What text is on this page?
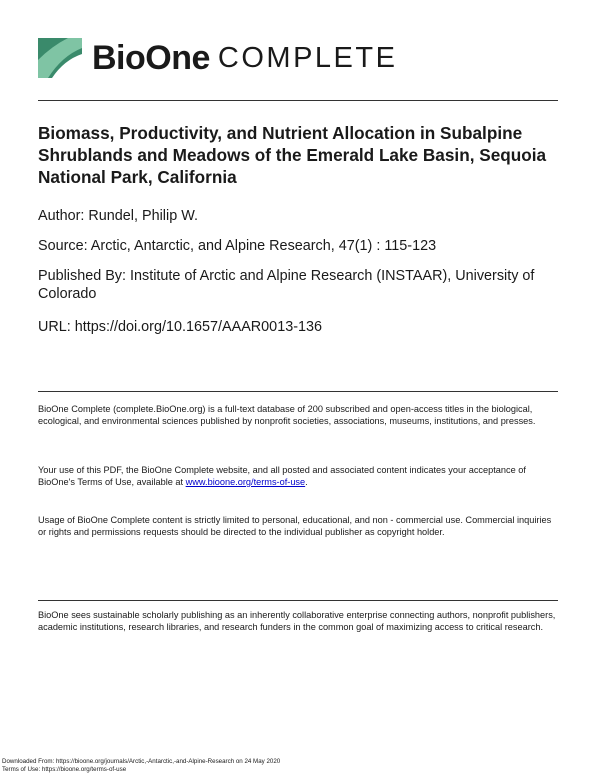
BioOne COMPLETE
Biomass, Productivity, and Nutrient Allocation in Subalpine Shrublands and Meadows of the Emerald Lake Basin, Sequoia National Park, California

Author: Rundel, Philip W.

Source: Arctic, Antarctic, and Alpine Research, 47(1) : 115-123

Published By: Institute of Arctic and Alpine Research (INSTAAR), University of Colorado

URL: https://doi.org/10.1657/AAAR0013-136

BioOne Complete (complete.BioOne.org) is a full-text database of 200 subscribed and open-access titles in the biological, ecological, and environmental sciences published by nonprofit societies, associations, museums, institutions, and presses.

Your use of this PDF, the BioOne Complete website, and all posted and associated content indicates your acceptance of BioOne's Terms of Use, available at www.bioone.org/terms-of-use.

Usage of BioOne Complete content is strictly limited to personal, educational, and non - commercial use. Commercial inquiries or rights and permissions requests should be directed to the individual publisher as copyright holder.

BioOne sees sustainable scholarly publishing as an inherently collaborative enterprise connecting authors, nonprofit publishers, academic institutions, research libraries, and research funders in the common goal of maximizing access to critical research.

Downloaded From: https://bioone.org/journals/Arctic,-Antarctic,-and-Alpine-Research on 24 May 2020

Terms of Use: https://bioone.org/terms-of-use
